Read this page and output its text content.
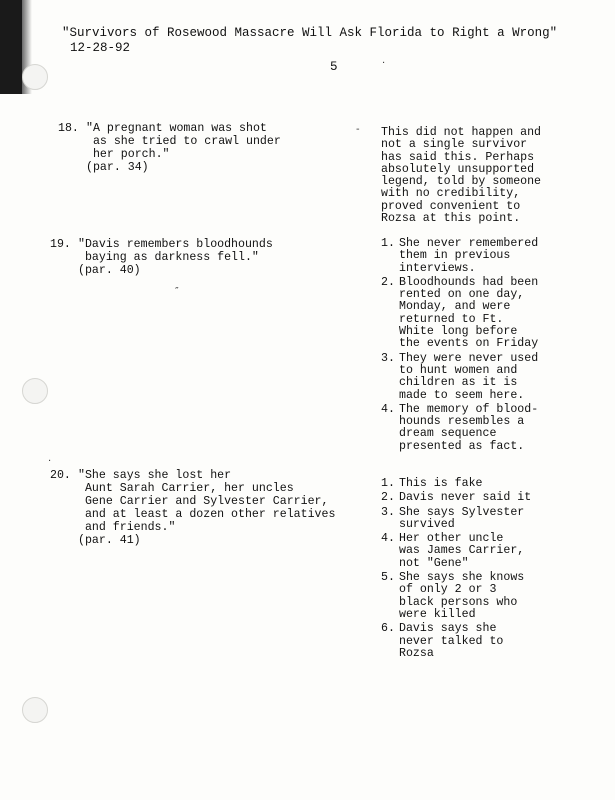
"Survivors of Rosewood Massacre Will Ask Florida to Right a Wrong"
12-28-92
5	·
-
″
·

18.

"A pregnant woman was shot
as she tried to crawl under
her porch."
(par. 34)

This did not happen and
not a single survivor
has said this. Perhaps
absolutely unsupported
legend, told by someone
with no credibility,
proved convenient to
Rozsa at this point.

19.

"Davis remembers bloodhounds
baying as darkness fell."
(par. 40)

1. She never remembered
them in previous
interviews.
2. Bloodhounds had been
rented on one day,
Monday, and were
returned to Ft.
White long before
the events on Friday
3. They were never used
to hunt women and
children as it is
made to seem here.
4. The memory of blood-
hounds resembles a
dream sequence
presented as fact.

20.

"She says she lost her
Aunt Sarah Carrier, her uncles
Gene Carrier and Sylvester Carrier,
and at least a dozen other relatives
and friends."
(par. 41)

1. This is fake
2. Davis never said it
3. She says Sylvester
survived
4. Her other uncle
was James Carrier,
not "Gene"
5. She says she knows
of only 2 or 3
black persons who
were killed
6. Davis says she
never talked to
Rozsa
